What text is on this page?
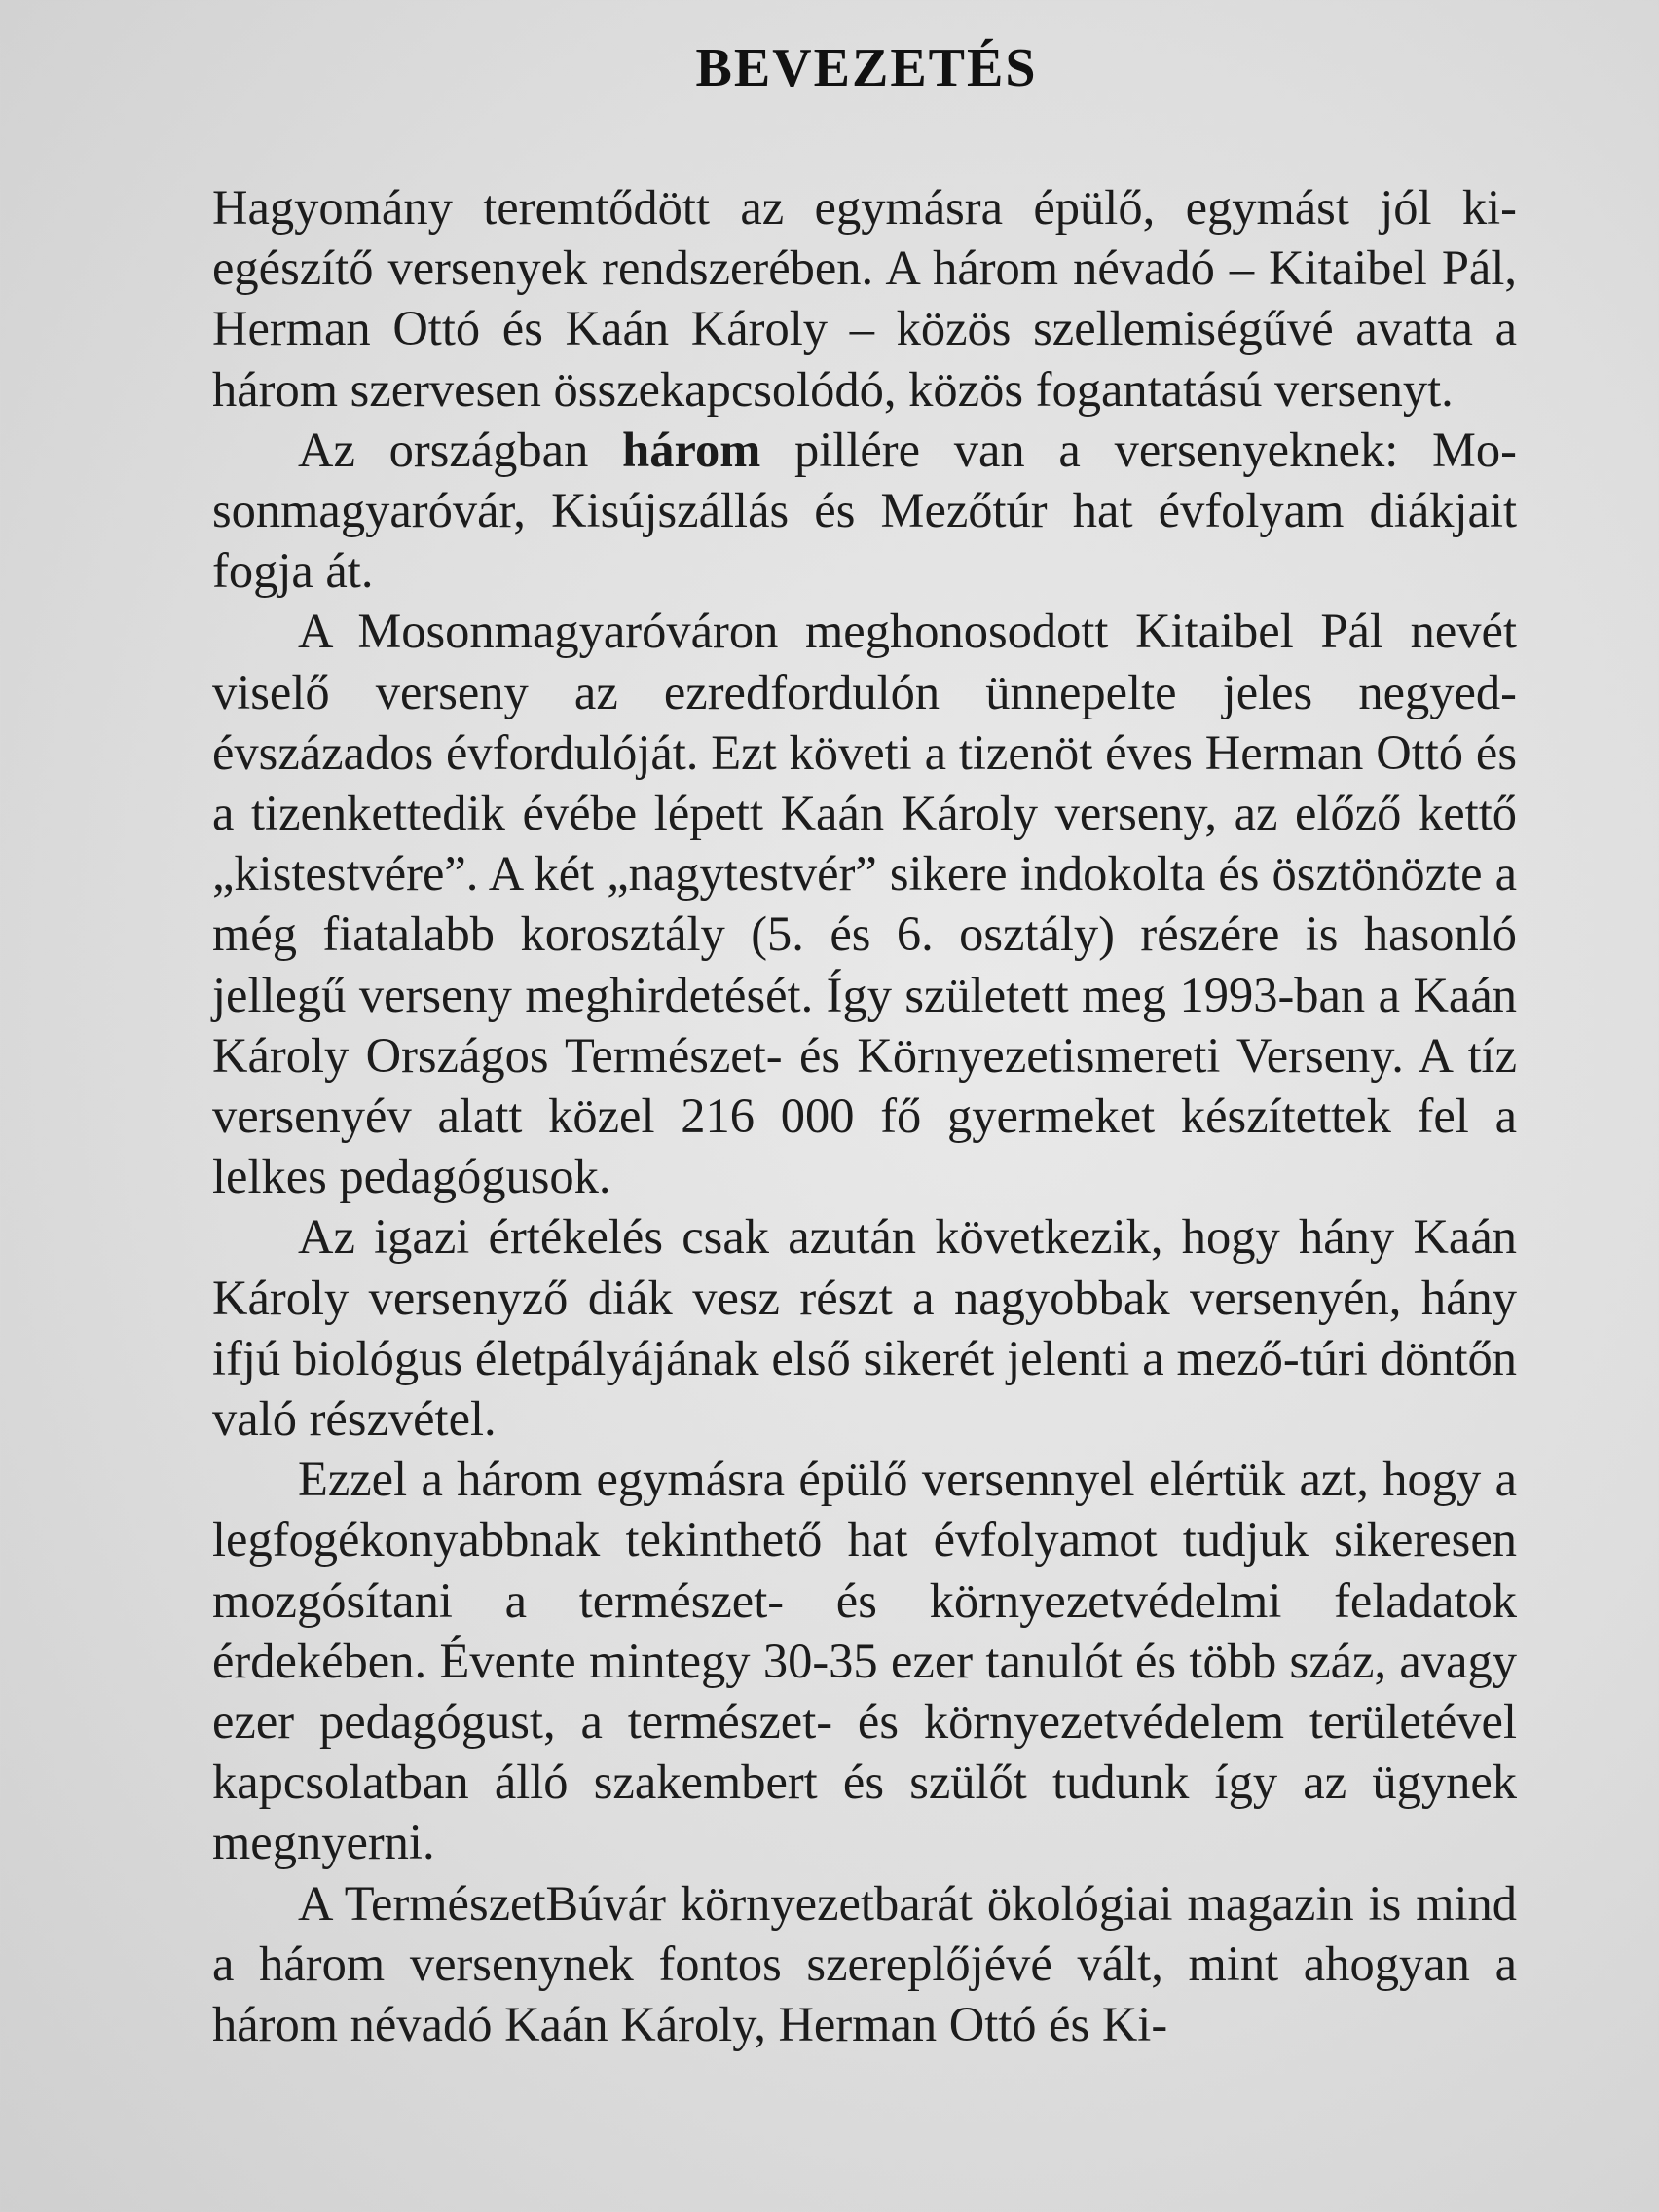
BEVEZETÉS

Hagyomány teremtődött az egymásra épülő, egymást jól kiegészítő versenyek rendszerében. A három névadó – Kitaibel Pál, Herman Ottó és Kaán Károly – közös szellemiségűvé avatta a három szervesen összekapcsolódó, közös fogantatású versenyt.

Az országban három pillére van a versenyeknek: Mosonmagyaróvár, Kisújszállás és Mezőtúr hat évfolyam diákjait fogja át.

A Mosonmagyaróváron meghonosodott Kitaibel Pál nevét viselő verseny az ezredfordulón ünnepelte jeles negyedévszázados évfordulóját. Ezt követi a tizenöt éves Herman Ottó és a tizenkettedik évébe lépett Kaán Károly verseny, az előző kettő „kistestvére”. A két „nagytestvér” sikere indokolta és ösztönözte a még fiatalabb korosztály (5. és 6. osztály) részére is hasonló jellegű verseny meghirdetését. Így született meg 1993-ban a Kaán Károly Országos Természet- és Környezetismereti Verseny. A tíz versenyév alatt közel 216 000 fő gyermeket készítettek fel a lelkes pedagógusok.

Az igazi értékelés csak azután következik, hogy hány Kaán Károly versenyző diák vesz részt a nagyobbak versenyén, hány ifjú biológus életpályájának első sikerét jelenti a mező-túri döntőn való részvétel.

Ezzel a három egymásra épülő versennyel elértük azt, hogy a legfogékonyabbnak tekinthető hat évfolyamot tudjuk sikeresen mozgósítani a természet- és környezetvédelmi feladatok érdekében. Évente mintegy 30-35 ezer tanulót és több száz, avagy ezer pedagógust, a természet- és környezetvédelem területével kapcsolatban álló szakembert és szülőt tudunk így az ügynek megnyerni.

A TermészetBúvár környezetbarát ökológiai magazin is mind a három versenynek fontos szereplőjévé vált, mint ahogyan a három névadó Kaán Károly, Herman Ottó és Ki-
